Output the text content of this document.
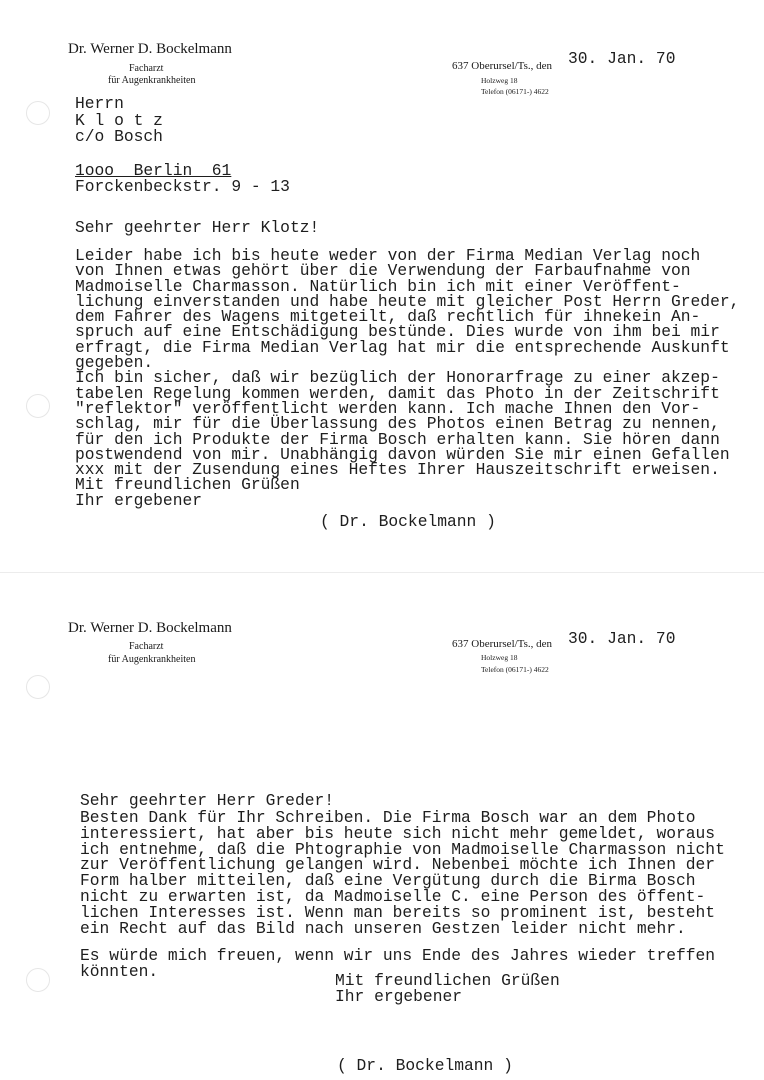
Dr. Werner D. Bockelmann
Facharzt
für Augenkrankheiten
637 Oberursel/Ts., den 30. Jan. 70
Holzweg 18
Telefon (06171-) 4622
Herrn
K l o t z
c/o Bosch
1ooo  Berlin  61
Forckenbeckstr. 9 - 13
Sehr geehrter Herr Klotz!
Leider habe ich bis heute weder von der Firma Median Verlag noch
von Ihnen etwas gehört über die Verwendung der Farbaufnahme von
Madmoiselle Charmasson. Natürlich bin ich mit einer Veröffent-
lichung einverstanden und habe heute mit gleicher Post Herrn Greder,
dem Fahrer des Wagens mitgeteilt, daß rechtlich für ihnekein An-
spruch auf eine Entschädigung bestünde. Dies wurde von ihm bei mir
erfragt, die Firma Median Verlag hat mir die entsprechende Auskunft
gegeben.
Ich bin sicher, daß wir bezüglich der Honorarfrage zu einer akzep-
tabelen Regelung kommen werden, damit das Photo in der Zeitschrift
"reflektor" veröffentlicht werden kann. Ich mache Ihnen den Vor-
schlag, mir für die Überlassung des Photos einen Betrag zu nennen,
für den ich Produkte der Firma Bosch erhalten kann. Sie hören dann
postwendend von mir. Unabhängig davon würden Sie mir einen Gefallen
xxx mit der Zusendung eines Heftes Ihrer Hauszeitschrift erweisen.
Mit freundlichen Grüßen
Ihr ergebener
( Dr. Bockelmann )
Dr. Werner D. Bockelmann
Facharzt
für Augenkrankheiten
637 Oberursel/Ts., den 30. Jan. 70
Holzweg 18
Telefon (06171-) 4622
Sehr geehrter Herr Greder!
Besten Dank für Ihr Schreiben. Die Firma Bosch war an dem Photo
interessiert, hat aber bis heute sich nicht mehr gemeldet, woraus
ich entnehme, daß die Phtographie von Madmoiselle Charmasson nicht
zur Veröffentlichung gelangen wird. Nebenbei möchte ich Ihnen der
Form halber mitteilen, daß eine Vergütung durch die Birma Bosch
nicht zu erwarten ist, da Madmoiselle C. eine Person des öffent-
lichen Interesses ist. Wenn man bereits so prominent ist, besteht
ein Recht auf das Bild nach unseren Gestzen leider nicht mehr.
Es würde mich freuen, wenn wir uns Ende des Jahres wieder treffen
könnten.	Mit freundlichen Grüßen
Ihr ergebener
( Dr. Bockelmann )
